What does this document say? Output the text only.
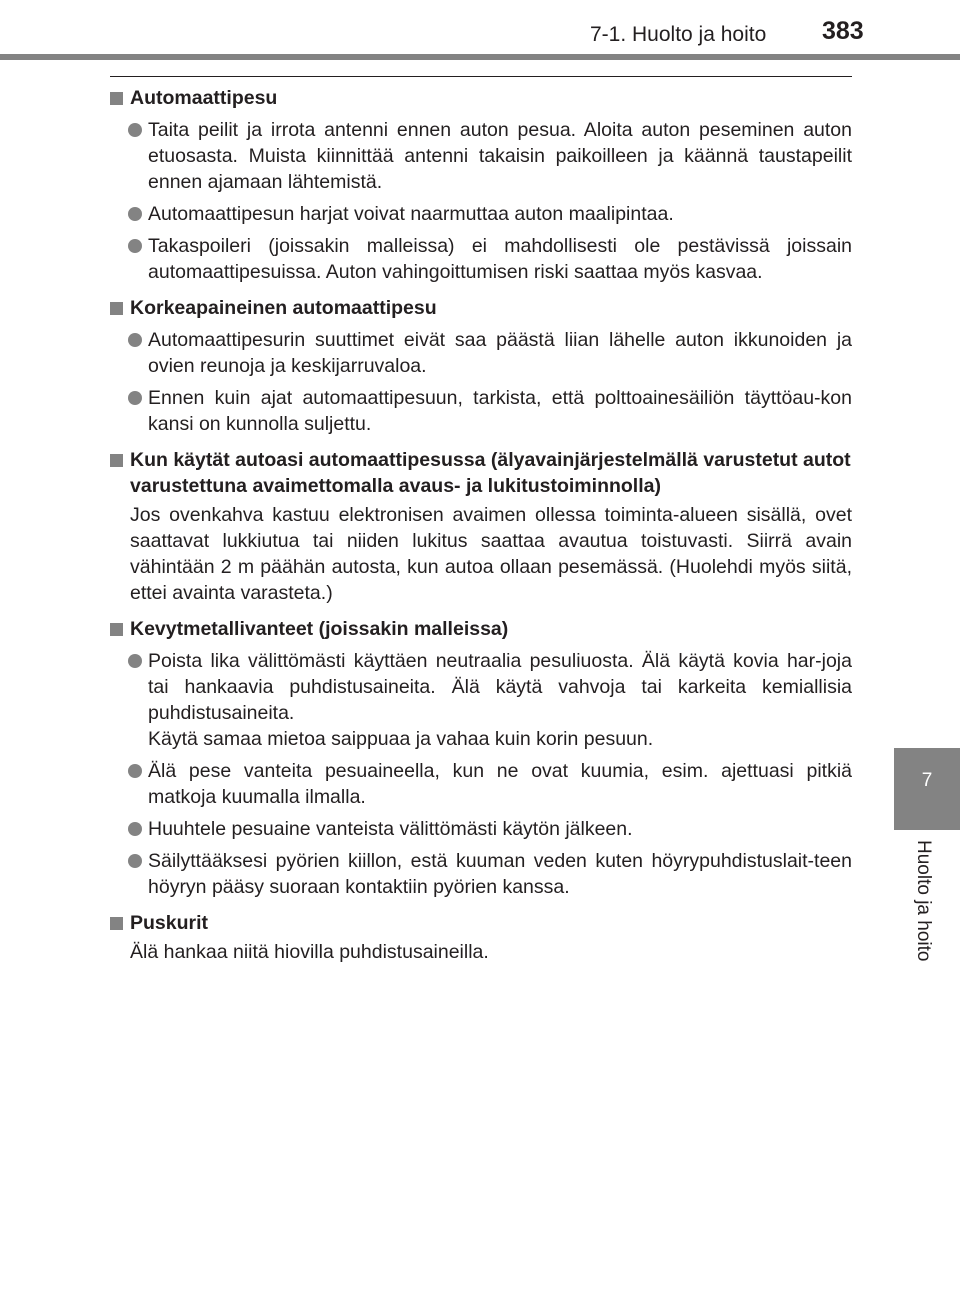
7-1. Huolto ja hoito 383
7
Huolto ja hoito
Automaattipesu
Taita peilit ja irrota antenni ennen auton pesua. Aloita auton peseminen auton etuosasta. Muista kiinnittää antenni takaisin paikoilleen ja käännä taustapeilit ennen ajamaan lähtemistä.
Automaattipesun harjat voivat naarmuttaa auton maalipintaa.
Takaspoileri (joissakin malleissa) ei mahdollisesti ole pestävissä joissain automaattipesuissa. Auton vahingoittumisen riski saattaa myös kasvaa.
Korkeapaineinen automaattipesu
Automaattipesurin suuttimet eivät saa päästä liian lähelle auton ikkunoiden ja ovien reunoja ja keskijarruvaloa.
Ennen kuin ajat automaattipesuun, tarkista, että polttoainesäiliön täyttöau-kon kansi on kunnolla suljettu.
Kun käytät autoasi automaattipesussa (älyavainjärjestelmällä varustetut autot varustettuna avaimettomalla avaus- ja lukitustoiminnolla)
Jos ovenkahva kastuu elektronisen avaimen ollessa toiminta-alueen sisällä, ovet saattavat lukkiutua tai niiden lukitus saattaa avautua toistuvasti. Siirrä avain vähintään 2 m päähän autosta, kun autoa ollaan pesemässä. (Huolehdi myös siitä, ettei avainta varasteta.)
Kevytmetallivanteet (joissakin malleissa)
Poista lika välittömästi käyttäen neutraalia pesuliuosta. Älä käytä kovia har-joja tai hankaavia puhdistusaineita. Älä käytä vahvoja tai karkeita kemiallisia puhdistusaineita.
Käytä samaa mietoa saippuaa ja vahaa kuin korin pesuun.
Älä pese vanteita pesuaineella, kun ne ovat kuumia, esim. ajettuasi pitkiä matkoja kuumalla ilmalla.
Huuhtele pesuaine vanteista välittömästi käytön jälkeen.
Säilyttääksesi pyörien kiillon, estä kuuman veden kuten höyrypuhdistuslait-teen höyryn pääsy suoraan kontaktiin pyörien kanssa.
Puskurit
Älä hankaa niitä hiovilla puhdistusaineilla.
